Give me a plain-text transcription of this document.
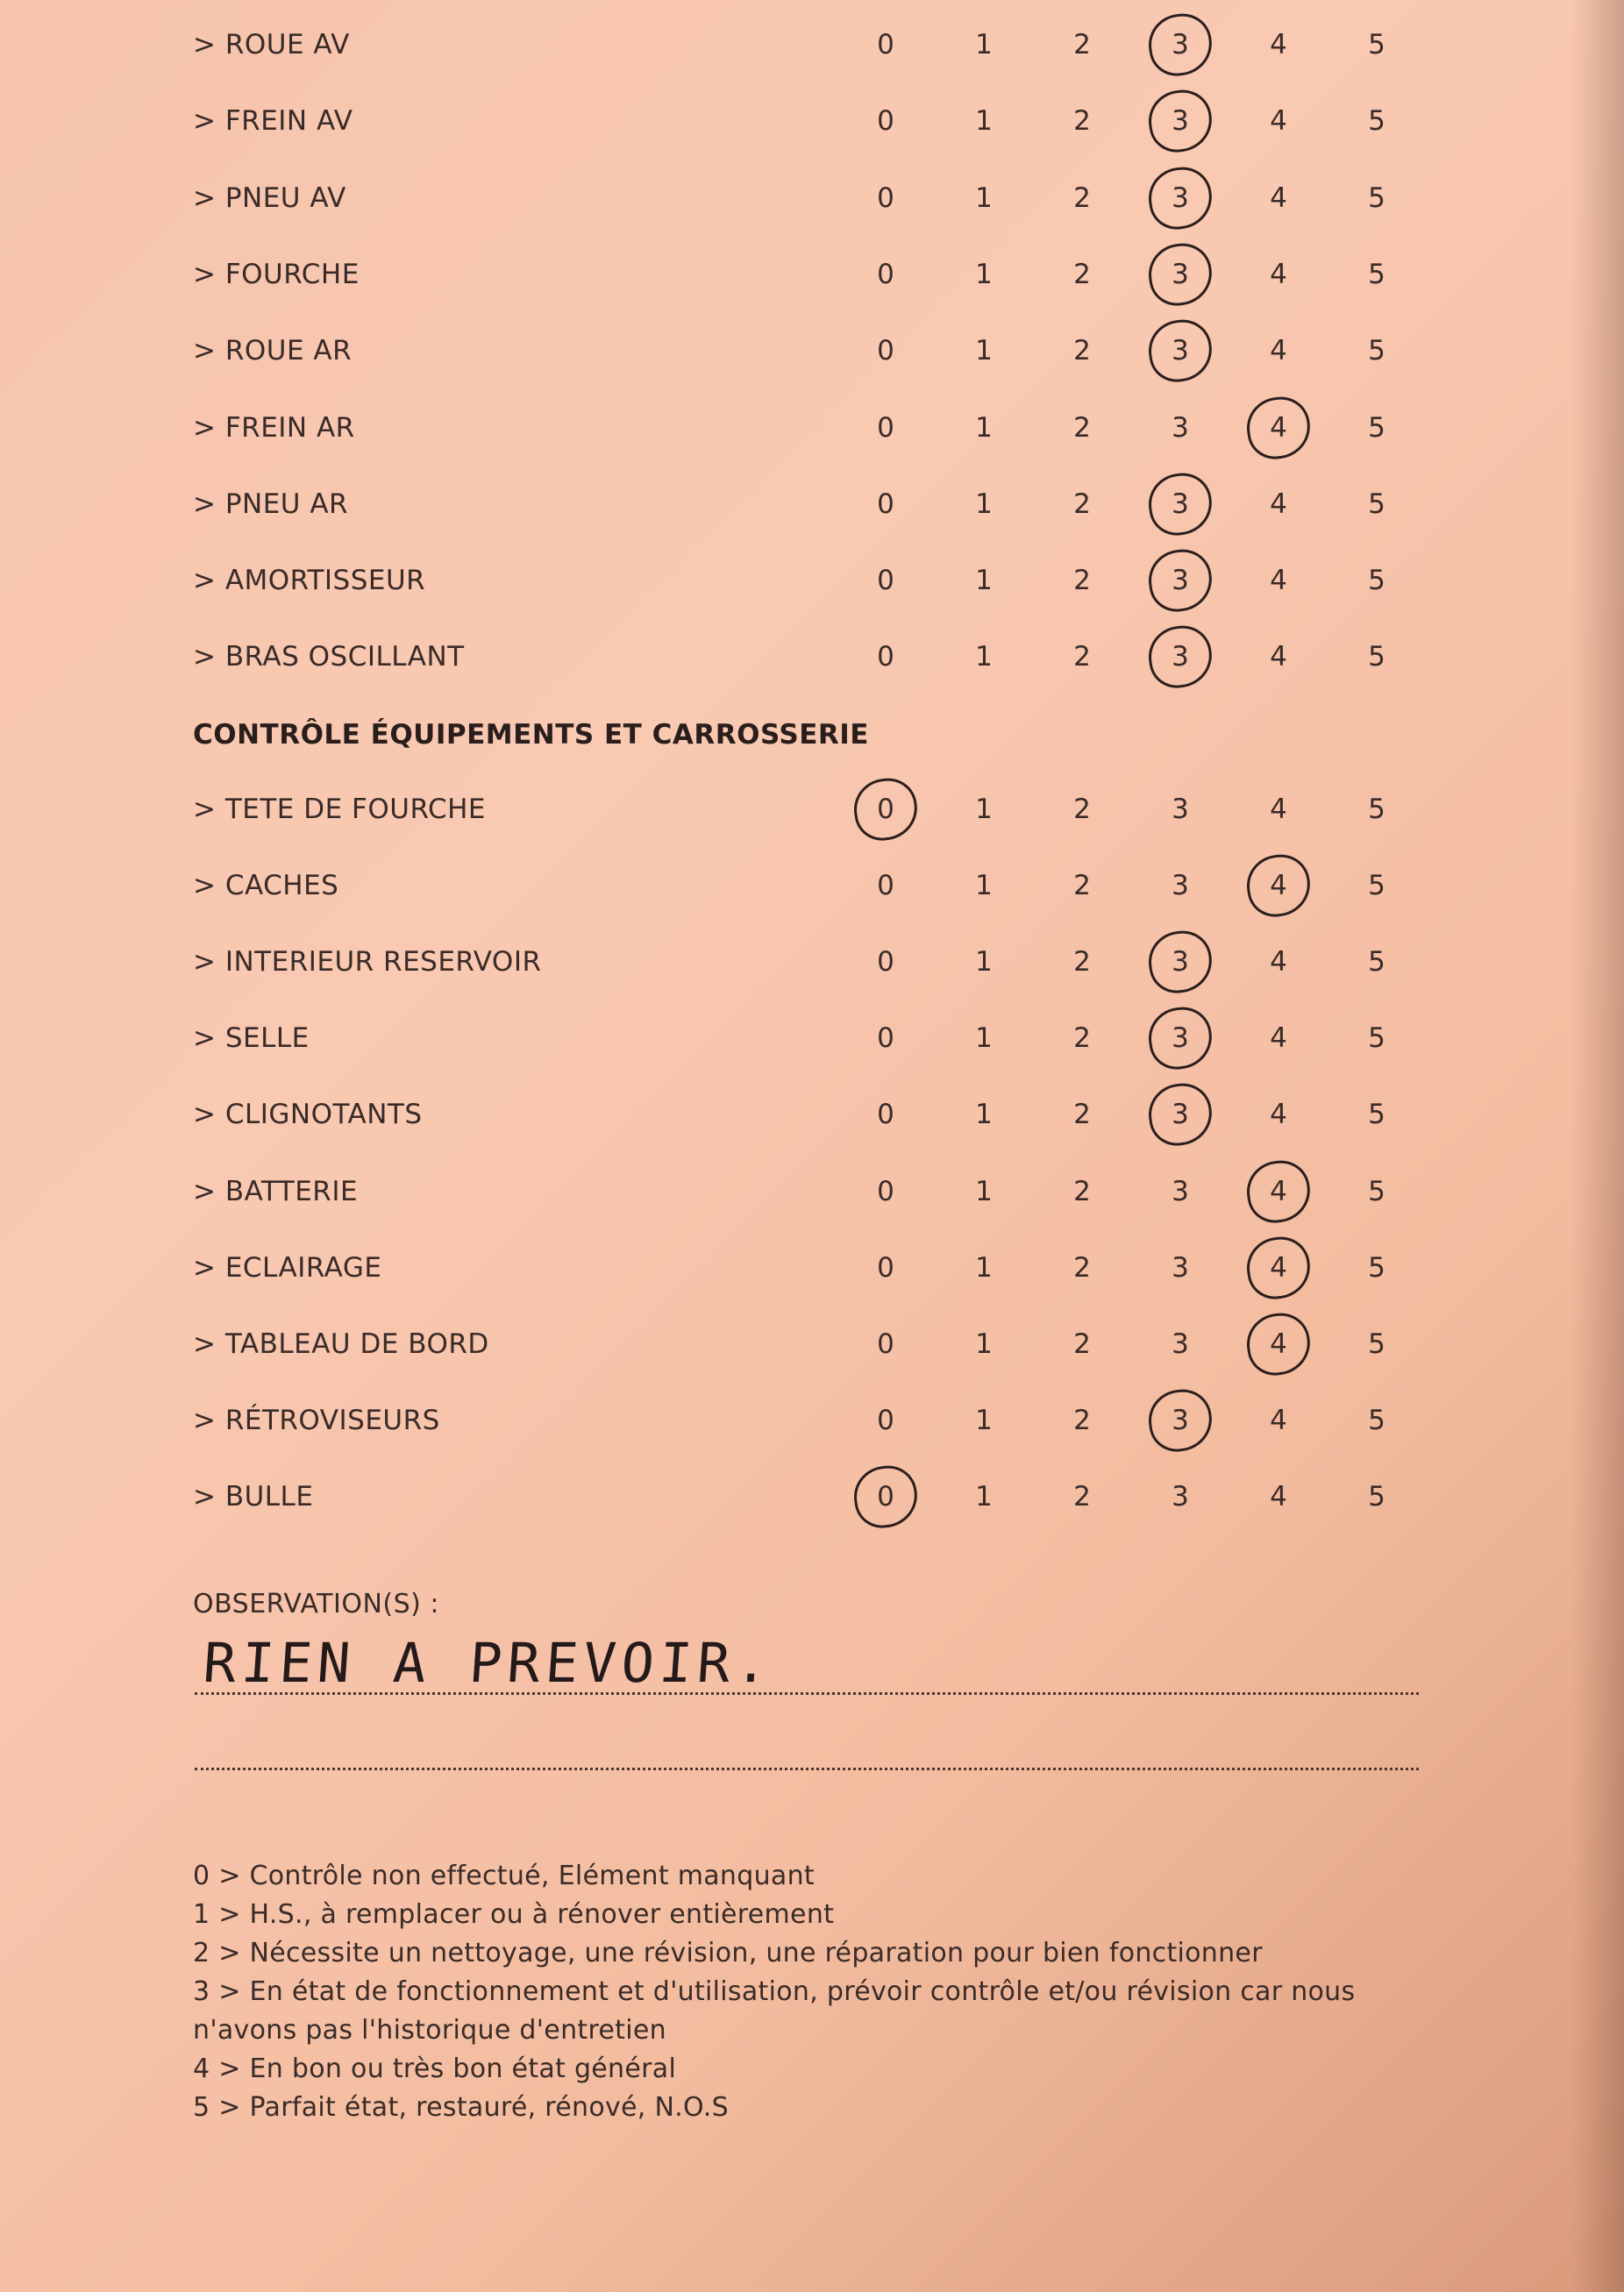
> ROUE AV	0	1	2	3	4	5
> FREIN AV	0	1	2	3	4	5
> PNEU AV	0	1	2	3	4	5
> FOURCHE	0	1	2	3	4	5
> ROUE AR	0	1	2	3	4	5
> FREIN AR	0	1	2	3	4	5
> PNEU AR	0	1	2	3	4	5
> AMORTISSEUR	0	1	2	3	4	5
> BRAS OSCILLANT	0	1	2	3	4	5
CONTRÔLE ÉQUIPEMENTS ET CARROSSERIE
> TETE DE FOURCHE	0	1	2	3	4	5
> CACHES	0	1	2	3	4	5
> INTERIEUR RESERVOIR	0	1	2	3	4	5
> SELLE	0	1	2	3	4	5
> CLIGNOTANTS	0	1	2	3	4	5
> BATTERIE	0	1	2	3	4	5
> ECLAIRAGE	0	1	2	3	4	5
> TABLEAU DE BORD	0	1	2	3	4	5
> RÉTROVISEURS	0	1	2	3	4	5
> BULLE	0	1	2	3	4	5
OBSERVATION(S) :
RIEN A PREVOIR.
0 > Contrôle non effectué, Elément manquant
1 > H.S., à remplacer ou à rénover entièrement
2 > Nécessite un nettoyage, une révision, une réparation pour bien fonctionner
3 > En état de fonctionnement et d'utilisation, prévoir contrôle et/ou révision car nous n'avons pas l'historique d'entretien
4 > En bon ou très bon état général
5 > Parfait état, restauré, rénové, N.O.S
